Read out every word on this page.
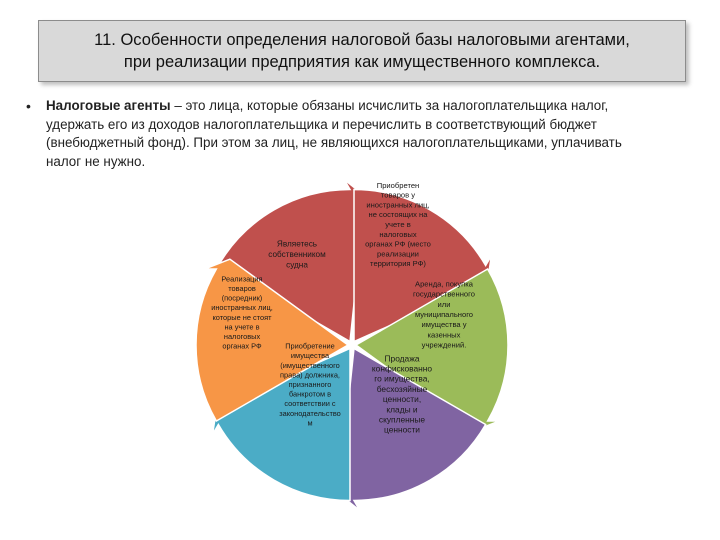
11. Особенности определения налоговой базы налоговыми агентами,
при реализации предприятия как имущественного комплекса.
• Налоговые агенты – это лица, которые обязаны исчислить за налогоплательщика налог,
удержать его из доходов налогоплательщика и перечислить в соответствующий бюджет
(внебюджетный фонд). При этом за лиц, не являющихся налогоплательщиками, уплачивать
налог не нужно.
Являетесь собственником судна
Приобретен товаров у иностранных лиц, не состоящих на учете в налоговых органах РФ (место реализации территория РФ)
Аренда, покупка государственного или муниципального имущества у казенных учреждений.
Продажа конфискованно го имущества, бесхозяйные ценности, клады и скупленные ценности
Приобретение имущества (имущественного права) должника, признанного банкротом в соответствии с законодательство м
Реализация товаров (посредник) иностранных лиц, которые не стоят на учете в налоговых органах РФ
